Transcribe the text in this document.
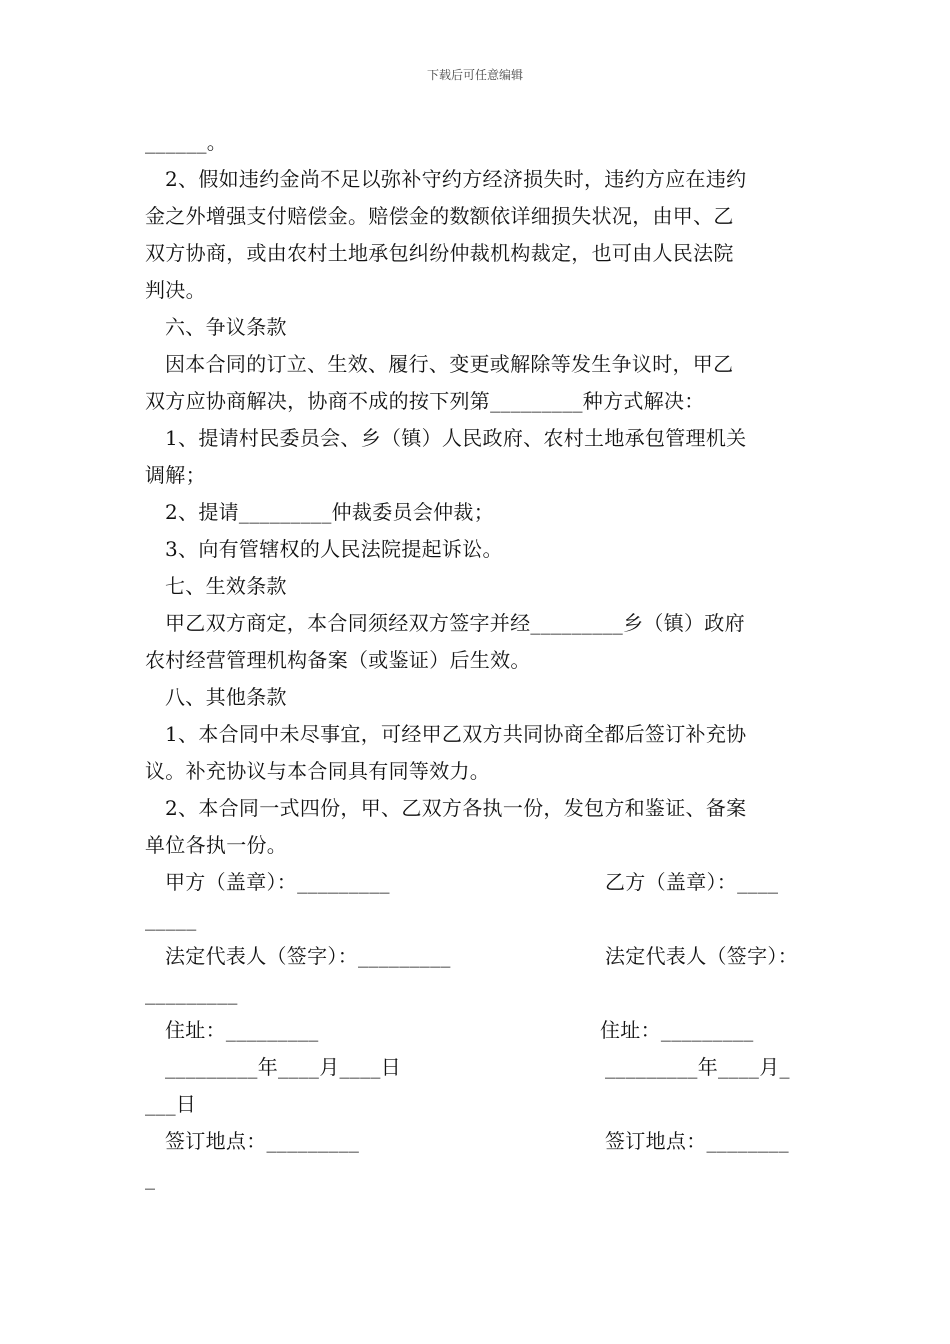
下载后可任意编辑
______。
2、假如违约金尚不足以弥补守约方经济损失时，违约方应在违约
金之外增强支付赔偿金。赔偿金的数额依详细损失状况，由甲、乙
双方协商，或由农村土地承包纠纷仲裁机构裁定，也可由人民法院
判决。
六、争议条款
因本合同的订立、生效、履行、变更或解除等发生争议时，甲乙
双方应协商解决，协商不成的按下列第_________种方式解决：
1、提请村民委员会、乡（镇）人民政府、农村土地承包管理机关
调解；
2、提请_________仲裁委员会仲裁；
3、向有管辖权的人民法院提起诉讼。
七、生效条款
甲乙双方商定，本合同须经双方签字并经_________乡（镇）政府
农村经营管理机构备案（或鉴证）后生效。
八、其他条款
1、本合同中未尽事宜，可经甲乙双方共同协商全都后签订补充协
议。补充协议与本合同具有同等效力。
2、本合同一式四份，甲、乙双方各执一份，发包方和鉴证、备案
单位各执一份。
甲方（盖章）：_________	乙方（盖章）：____
_____
法定代表人（签字）：_________	法定代表人（签字）：
_________
住址：_________	住址：_________
_________年____月____日	_________年____月_
___日
签订地点：_________	签订地点：________
_
